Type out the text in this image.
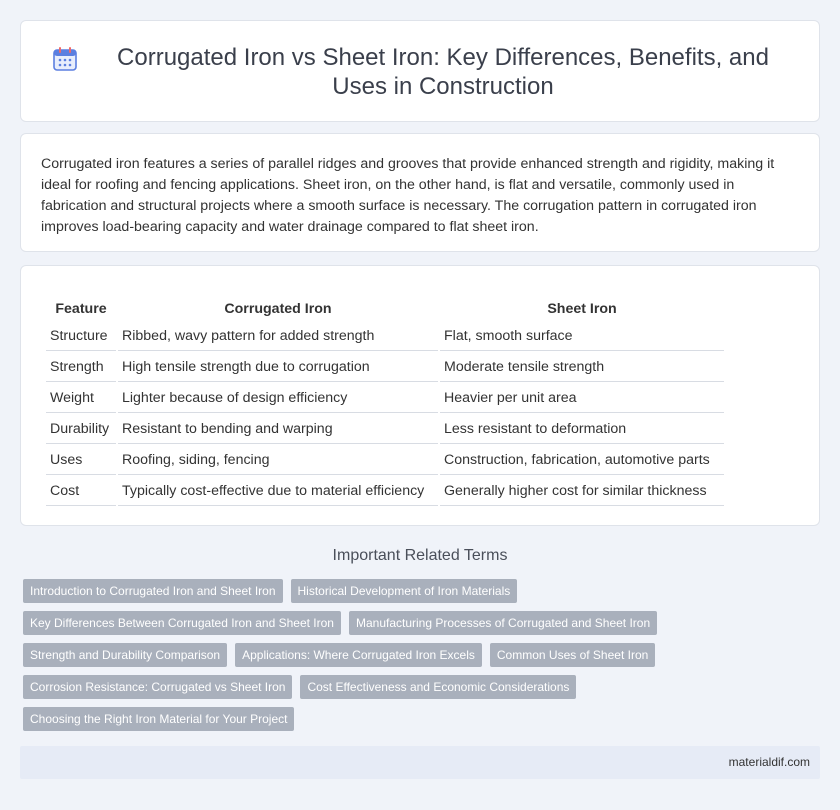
Corrugated Iron vs Sheet Iron: Key Differences, Benefits, and Uses in Construction

Corrugated iron features a series of parallel ridges and grooves that provide enhanced strength and rigidity, making it ideal for roofing and fencing applications. Sheet iron, on the other hand, is flat and versatile, commonly used in fabrication and structural projects where a smooth surface is necessary. The corrugation pattern in corrugated iron improves load-bearing capacity and water drainage compared to flat sheet iron.

Feature	Corrugated Iron	Sheet Iron
Structure	Ribbed, wavy pattern for added strength	Flat, smooth surface
Strength	High tensile strength due to corrugation	Moderate tensile strength
Weight	Lighter because of design efficiency	Heavier per unit area
Durability	Resistant to bending and warping	Less resistant to deformation
Uses	Roofing, siding, fencing	Construction, fabrication, automotive parts
Cost	Typically cost-effective due to material efficiency	Generally higher cost for similar thickness
Important Related Terms
Introduction to Corrugated Iron and Sheet Iron	Historical Development of Iron Materials
Key Differences Between Corrugated Iron and Sheet Iron	Manufacturing Processes of Corrugated and Sheet Iron
Strength and Durability Comparison	Applications: Where Corrugated Iron Excels	Common Uses of Sheet Iron
Corrosion Resistance: Corrugated vs Sheet Iron	Cost Effectiveness and Economic Considerations
Choosing the Right Iron Material for Your Project
materialdif.com
